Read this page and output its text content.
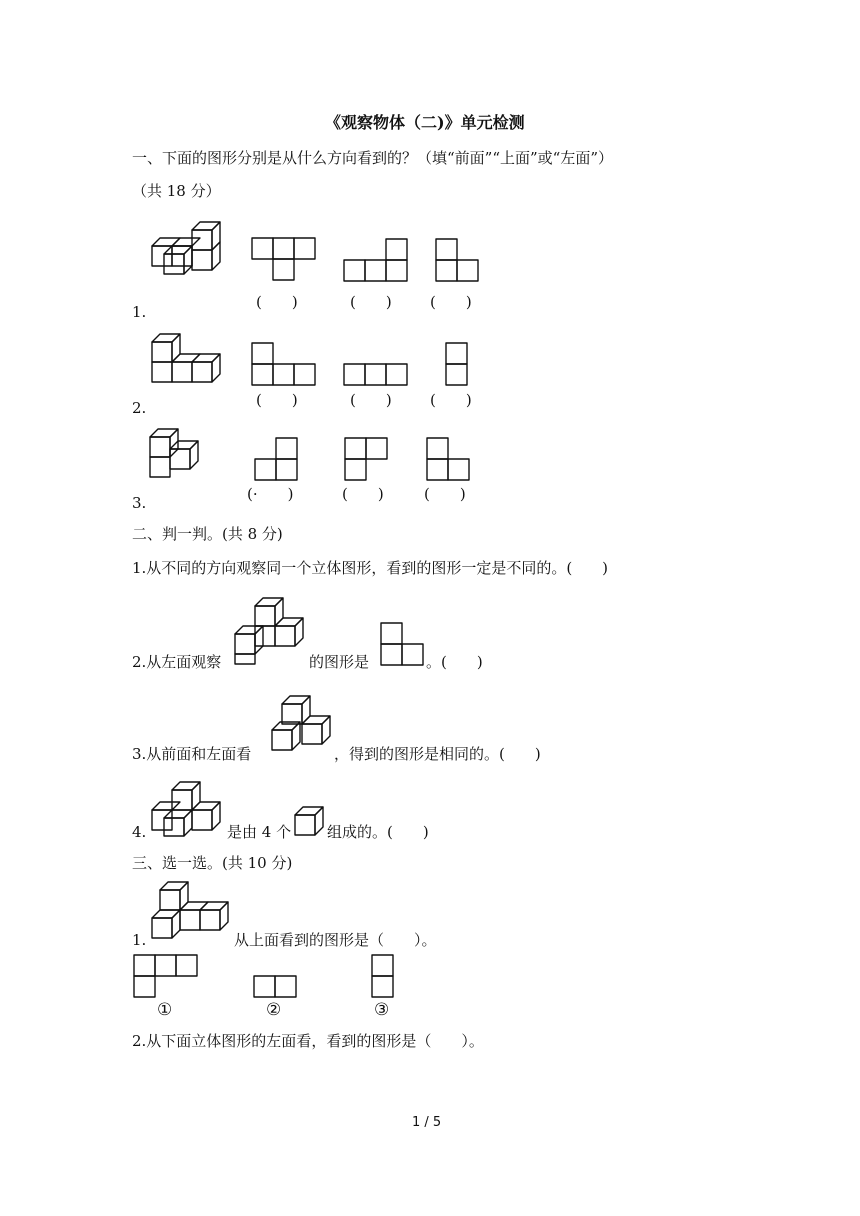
《观察物体（二)》单元检测
一、下面的图形分别是从什么方向看到的？（填“前面”“上面”或“左面”）
（共 18 分）
1.
(　　)	(　　)	(　　)
2.	(　　)	(　　)	(　　)
3.	(·　　)	(　　)	(　　)
二、判一判。(共 8 分)
1.从不同的方向观察同一个立体图形，看到的图形一定是不同的。(　　)
2.从左面观察	的图形是	。(　　)
3.从前面和左面看	，得到的图形是相同的。(　　)
4.	是由 4 个 组成的。(　　)
三、选一选。(共 10 分)
1.	从上面看到的图形是（　　）。
①	②	③
2.从下面立体图形的左面看，看到的图形是（　　）。
1 / 5
